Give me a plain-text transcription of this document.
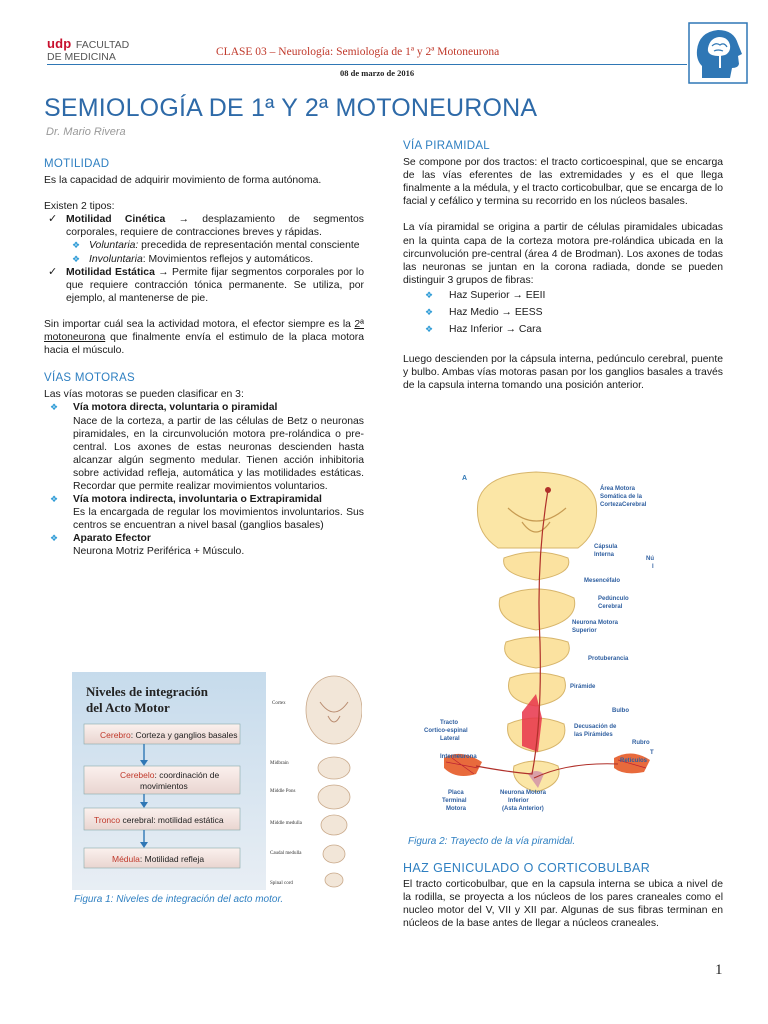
udp FACULTAD
DE MEDICINA	CLASE 03 – Neurología: Semiología de 1ª y 2ª Motoneurona
08 de marzo de 2016
SEMIOLOGÍA DE 1ª Y 2ª MOTONEURONA
Dr. Mario Rivera
MOTILIDAD
Es la capacidad de adquirir movimiento de forma autónoma.
Existen 2 tipos:
✓ Motilidad Cinética → desplazamiento de segmentos corporales, requiere de contracciones breves y rápidas.
❖ Voluntaria: precedida de representación mental consciente
❖ Involuntaria: Movimientos reflejos y automáticos.
✓ Motilidad Estática → Permite fijar segmentos corporales por lo que requiere contracción tónica permanente. Se utiliza, por ejemplo, al mantenerse de pie.
Sin importar cuál sea la actividad motora, el efector siempre es la 2ª motoneurona que finalmente envía el estimulo de la placa motora hacia el músculo.
VÍAS MOTORAS
Las vías motoras se pueden clasificar en 3:
❖	Vía motora directa, voluntaria o piramidal
Nace de la corteza, a partir de las células de Betz o neuronas piramidales, en la circunvolución motora pre-rolándica o pre-central. Los axones de estas neuronas descienden hasta alcanzar algún segmento medular. Tienen acción inhibitoria sobre actividad refleja, automática y las motilidades estáticas. Recordar que permite realizar movimientos voluntarios.
❖	Vía motora indirecta, involuntaria o Extrapiramidal
Es la encargada de regular los movimientos involuntarios. Sus centros se encuentran a nivel basal (ganglios basales)
❖	Aparato Efector
Neurona Motriz Periférica + Músculo.
Niveles de integración
del Acto Motor
Cerebro: Corteza y ganglios basales
Cerebelo: coordinación de
movimientos
Tronco cerebral: motilidad estática
Médula: Motilidad refleja
Cortex
Midbrain
Middle Pons
Middle medulla
Caudal medulla
Spinal cord
Figura 1: Niveles de integración del acto motor.
VÍA PIRAMIDAL
Se compone por dos tractos: el tracto corticoespinal, que se encarga de las vías eferentes de las extremidades y es el que llega finalmente a la médula, y el tracto corticobulbar, que se encarga de lo facial y cefálico y termina su recorrido en los núcleos basales.
La vía piramidal se origina a partir de células piramidales ubicadas en la quinta capa de la corteza motora pre-rolándica ubicada en la circunvolución pre-central (área 4 de Brodman). Los axones de todas las neuronas se juntan en la corona radiada, donde se pueden distinguir 3 grupos de fibras:
❖	Haz Superior → EEII
❖	Haz Medio → EESS
❖	Haz Inferior → Cara
Luego descienden por la cápsula interna, pedúnculo cerebral, puente y bulbo. Ambas vías motoras pasan por los ganglios basales a través de la capsula interna tomando una posición anterior.
A
Área Motora
Somática de la
CortezaCerebral
Cápsula
Interna
Mesencéfalo
Pedúnculo
Cerebral
Neurona Motora
Superior
Protuberancia
Pirámide
Bulbo
Tracto
Cortico-espinal
Lateral
Decusación de
las Pirámides
Rubro
Interneurona
Placa
Terminal
Motora
Neurona Motora
Inferior
(Asta Anterior)
Nú
l
T
Retículos
Figura 2: Trayecto de la vía piramidal.
HAZ GENICULADO O CORTICOBULBAR
El tracto corticobulbar, que en la capsula interna se ubica a nivel de la rodilla, se proyecta a los núcleos de los pares craneales como el nucleo motor del V, VII y XII par. Algunas de sus fibras terminan en núcleos de la base antes de llegar a núcleos craneales.
1
